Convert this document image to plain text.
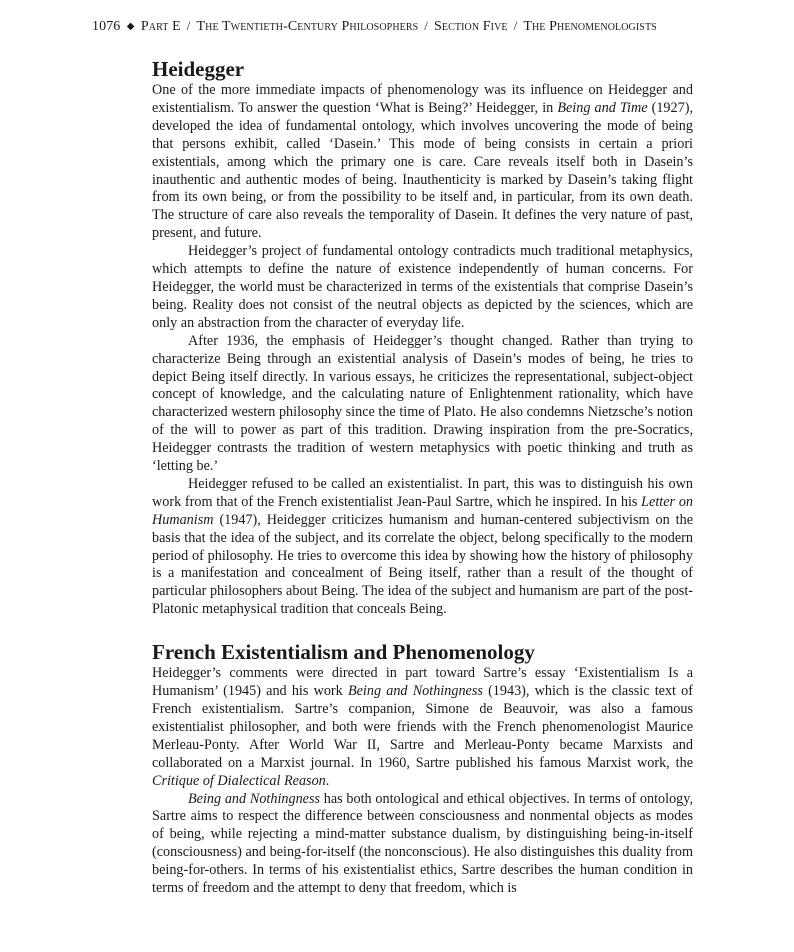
1076 ◆ Part E / The Twentieth-Century Philosophers / Section Five / The Phenomenologists
Heidegger

One of the more immediate impacts of phenomenology was its influence on Heidegger and existentialism. To answer the question ‘What is Being?’ Heidegger, in Being and Time (1927), developed the idea of fundamental ontology, which involves uncovering the mode of being that persons exhibit, called ‘Dasein.’ This mode of being consists in certain a priori existentials, among which the primary one is care. Care reveals itself both in Dasein’s inauthentic and authentic modes of being. Inauthenticity is marked by Dasein’s taking flight from its own being, or from the possibility to be itself and, in particular, from its own death. The structure of care also reveals the temporality of Dasein. It defines the very nature of past, present, and future.

Heidegger’s project of fundamental ontology contradicts much traditional metaphysics, which attempts to define the nature of existence independently of human concerns. For Heidegger, the world must be characterized in terms of the existentials that comprise Dasein’s being. Reality does not consist of the neutral objects as depicted by the sciences, which are only an abstraction from the character of everyday life.

After 1936, the emphasis of Heidegger’s thought changed. Rather than trying to characterize Being through an existential analysis of Dasein’s modes of being, he tries to depict Being itself directly. In various essays, he criticizes the representational, subject-object concept of knowledge, and the calculating nature of Enlightenment rationality, which have characterized western philosophy since the time of Plato. He also condemns Nietzsche’s notion of the will to power as part of this tradition. Drawing inspiration from the pre-Socratics, Heidegger contrasts the tradition of western metaphysics with poetic thinking and truth as ‘letting be.’

Heidegger refused to be called an existentialist. In part, this was to distinguish his own work from that of the French existentialist Jean-Paul Sartre, which he inspired. In his Letter on Humanism (1947), Heidegger criticizes humanism and human-centered subjectivism on the basis that the idea of the subject, and its correlate the object, belong specifically to the modern period of philosophy. He tries to overcome this idea by showing how the history of philosophy is a manifestation and concealment of Being itself, rather than a result of the thought of particular philosophers about Being. The idea of the subject and humanism are part of the post-Platonic metaphysical tradition that conceals Being.

French Existentialism and Phenomenology

Heidegger’s comments were directed in part toward Sartre’s essay ‘Existentialism Is a Humanism’ (1945) and his work Being and Nothingness (1943), which is the classic text of French existentialism. Sartre’s companion, Simone de Beauvoir, was also a famous existentialist philosopher, and both were friends with the French phenomenologist Maurice Merleau-Ponty. After World War II, Sartre and Merleau-Ponty became Marxists and collaborated on a Marxist journal. In 1960, Sartre published his famous Marxist work, the Critique of Dialectical Reason.

Being and Nothingness has both ontological and ethical objectives. In terms of ontology, Sartre aims to respect the difference between consciousness and nonmental objects as modes of being, while rejecting a mind-matter substance dualism, by distinguishing being-in-itself (consciousness) and being-for-itself (the nonconscious). He also distinguishes this duality from being-for-others. In terms of his existentialist ethics, Sartre describes the human condition in terms of freedom and the attempt to deny that freedom, which is
